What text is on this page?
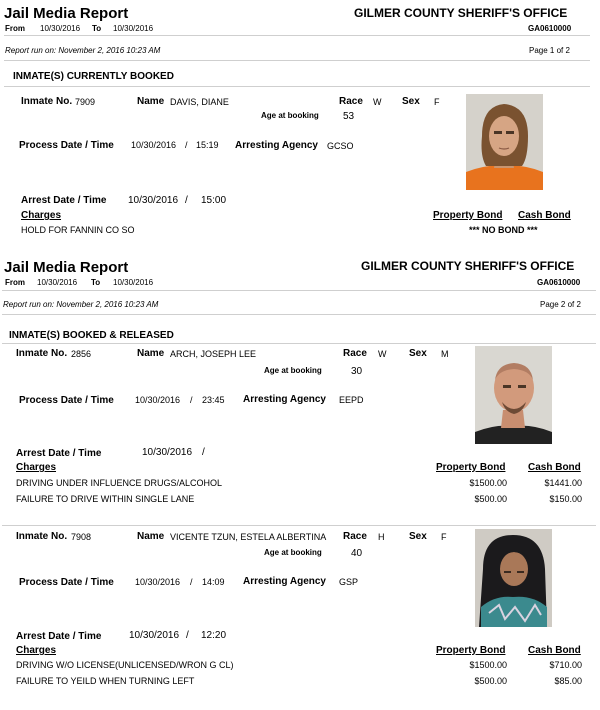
Jail Media Report	GILMER COUNTY SHERIFF'S OFFICE
From 10/30/2016 To 10/30/2016	GA0610000
Report run on: November 2, 2016 10:23 AM	Page 1 of 2
INMATE(S) CURRENTLY BOOKED
Inmate No. 7909	Name DAVIS, DIANE	Race W Sex F
Age at booking 53
Process Date / Time 10/30/2016 / 15:19 Arresting Agency GCSO
Arrest Date / Time 10/30/2016 / 15:00
Charges	Property Bond Cash Bond
HOLD FOR FANNIN CO SO	*** NO BOND ***
Jail Media Report	GILMER COUNTY SHERIFF'S OFFICE
From 10/30/2016 To 10/30/2016	GA0610000
Report run on: November 2, 2016 10:23 AM	Page 2 of 2
INMATE(S) BOOKED & RELEASED
Inmate No. 2856	Name ARCH, JOSEPH LEE	Race W Sex M
Age at booking	30
Process Date / Time 10/30/2016 / 23:45 Arresting Agency EEPD
Arrest Date / Time	10/30/2016 /
Charges	Property Bond Cash Bond
DRIVING UNDER INFLUENCE DRUGS/ALCOHOL	$1500.00	$1441.00
FAILURE TO DRIVE WITHIN SINGLE LANE	$500.00	$150.00
Inmate No. 7908	Name VICENTE TZUN, ESTELA ALBERTINA Race H Sex F
Age at booking	40
Process Date / Time 10/30/2016 / 14:09 Arresting Agency GSP
Arrest Date / Time	10/30/2016 / 12:20
Charges	Property Bond Cash Bond
DRIVING W/O LICENSE(UNLICENSED/WRON G CL)	$1500.00	$710.00
FAILURE TO YEILD WHEN TURNING LEFT	$500.00	$85.00
